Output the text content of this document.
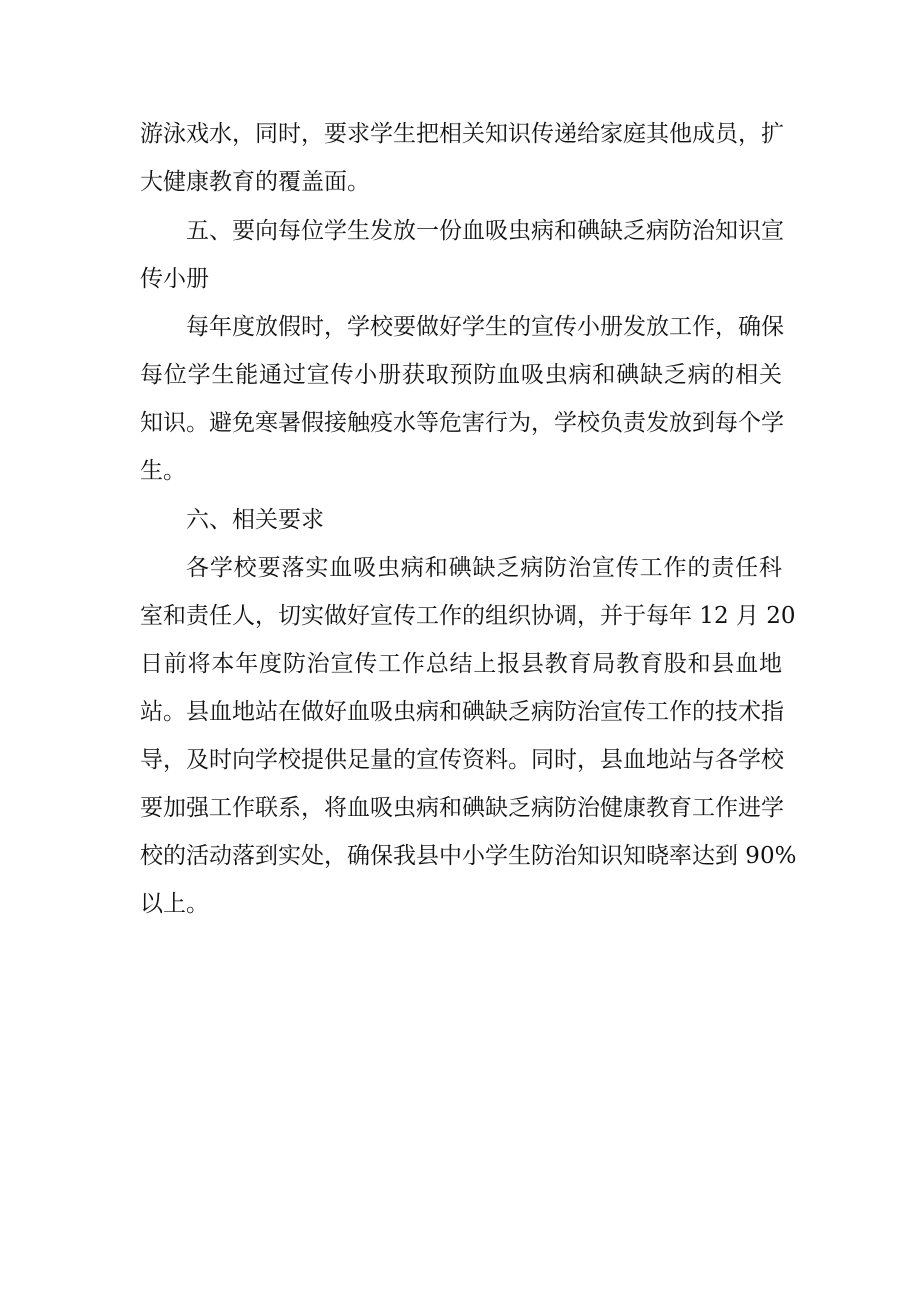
游泳戏水，同时，要求学生把相关知识传递给家庭其他成员，扩

大健康教育的覆盖面。

五、要向每位学生发放一份血吸虫病和碘缺乏病防治知识宣

传小册

每年度放假时，学校要做好学生的宣传小册发放工作，确保

每位学生能通过宣传小册获取预防血吸虫病和碘缺乏病的相关

知识。避免寒暑假接触疫水等危害行为，学校负责发放到每个学

生。

六、相关要求

各学校要落实血吸虫病和碘缺乏病防治宣传工作的责任科

室和责任人，切实做好宣传工作的组织协调，并于每年 12 月 20

日前将本年度防治宣传工作总结上报县教育局教育股和县血地

站。县血地站在做好血吸虫病和碘缺乏病防治宣传工作的技术指

导，及时向学校提供足量的宣传资料。同时，县血地站与各学校

要加强工作联系，将血吸虫病和碘缺乏病防治健康教育工作进学

校的活动落到实处，确保我县中小学生防治知识知晓率达到 90%

以上。
